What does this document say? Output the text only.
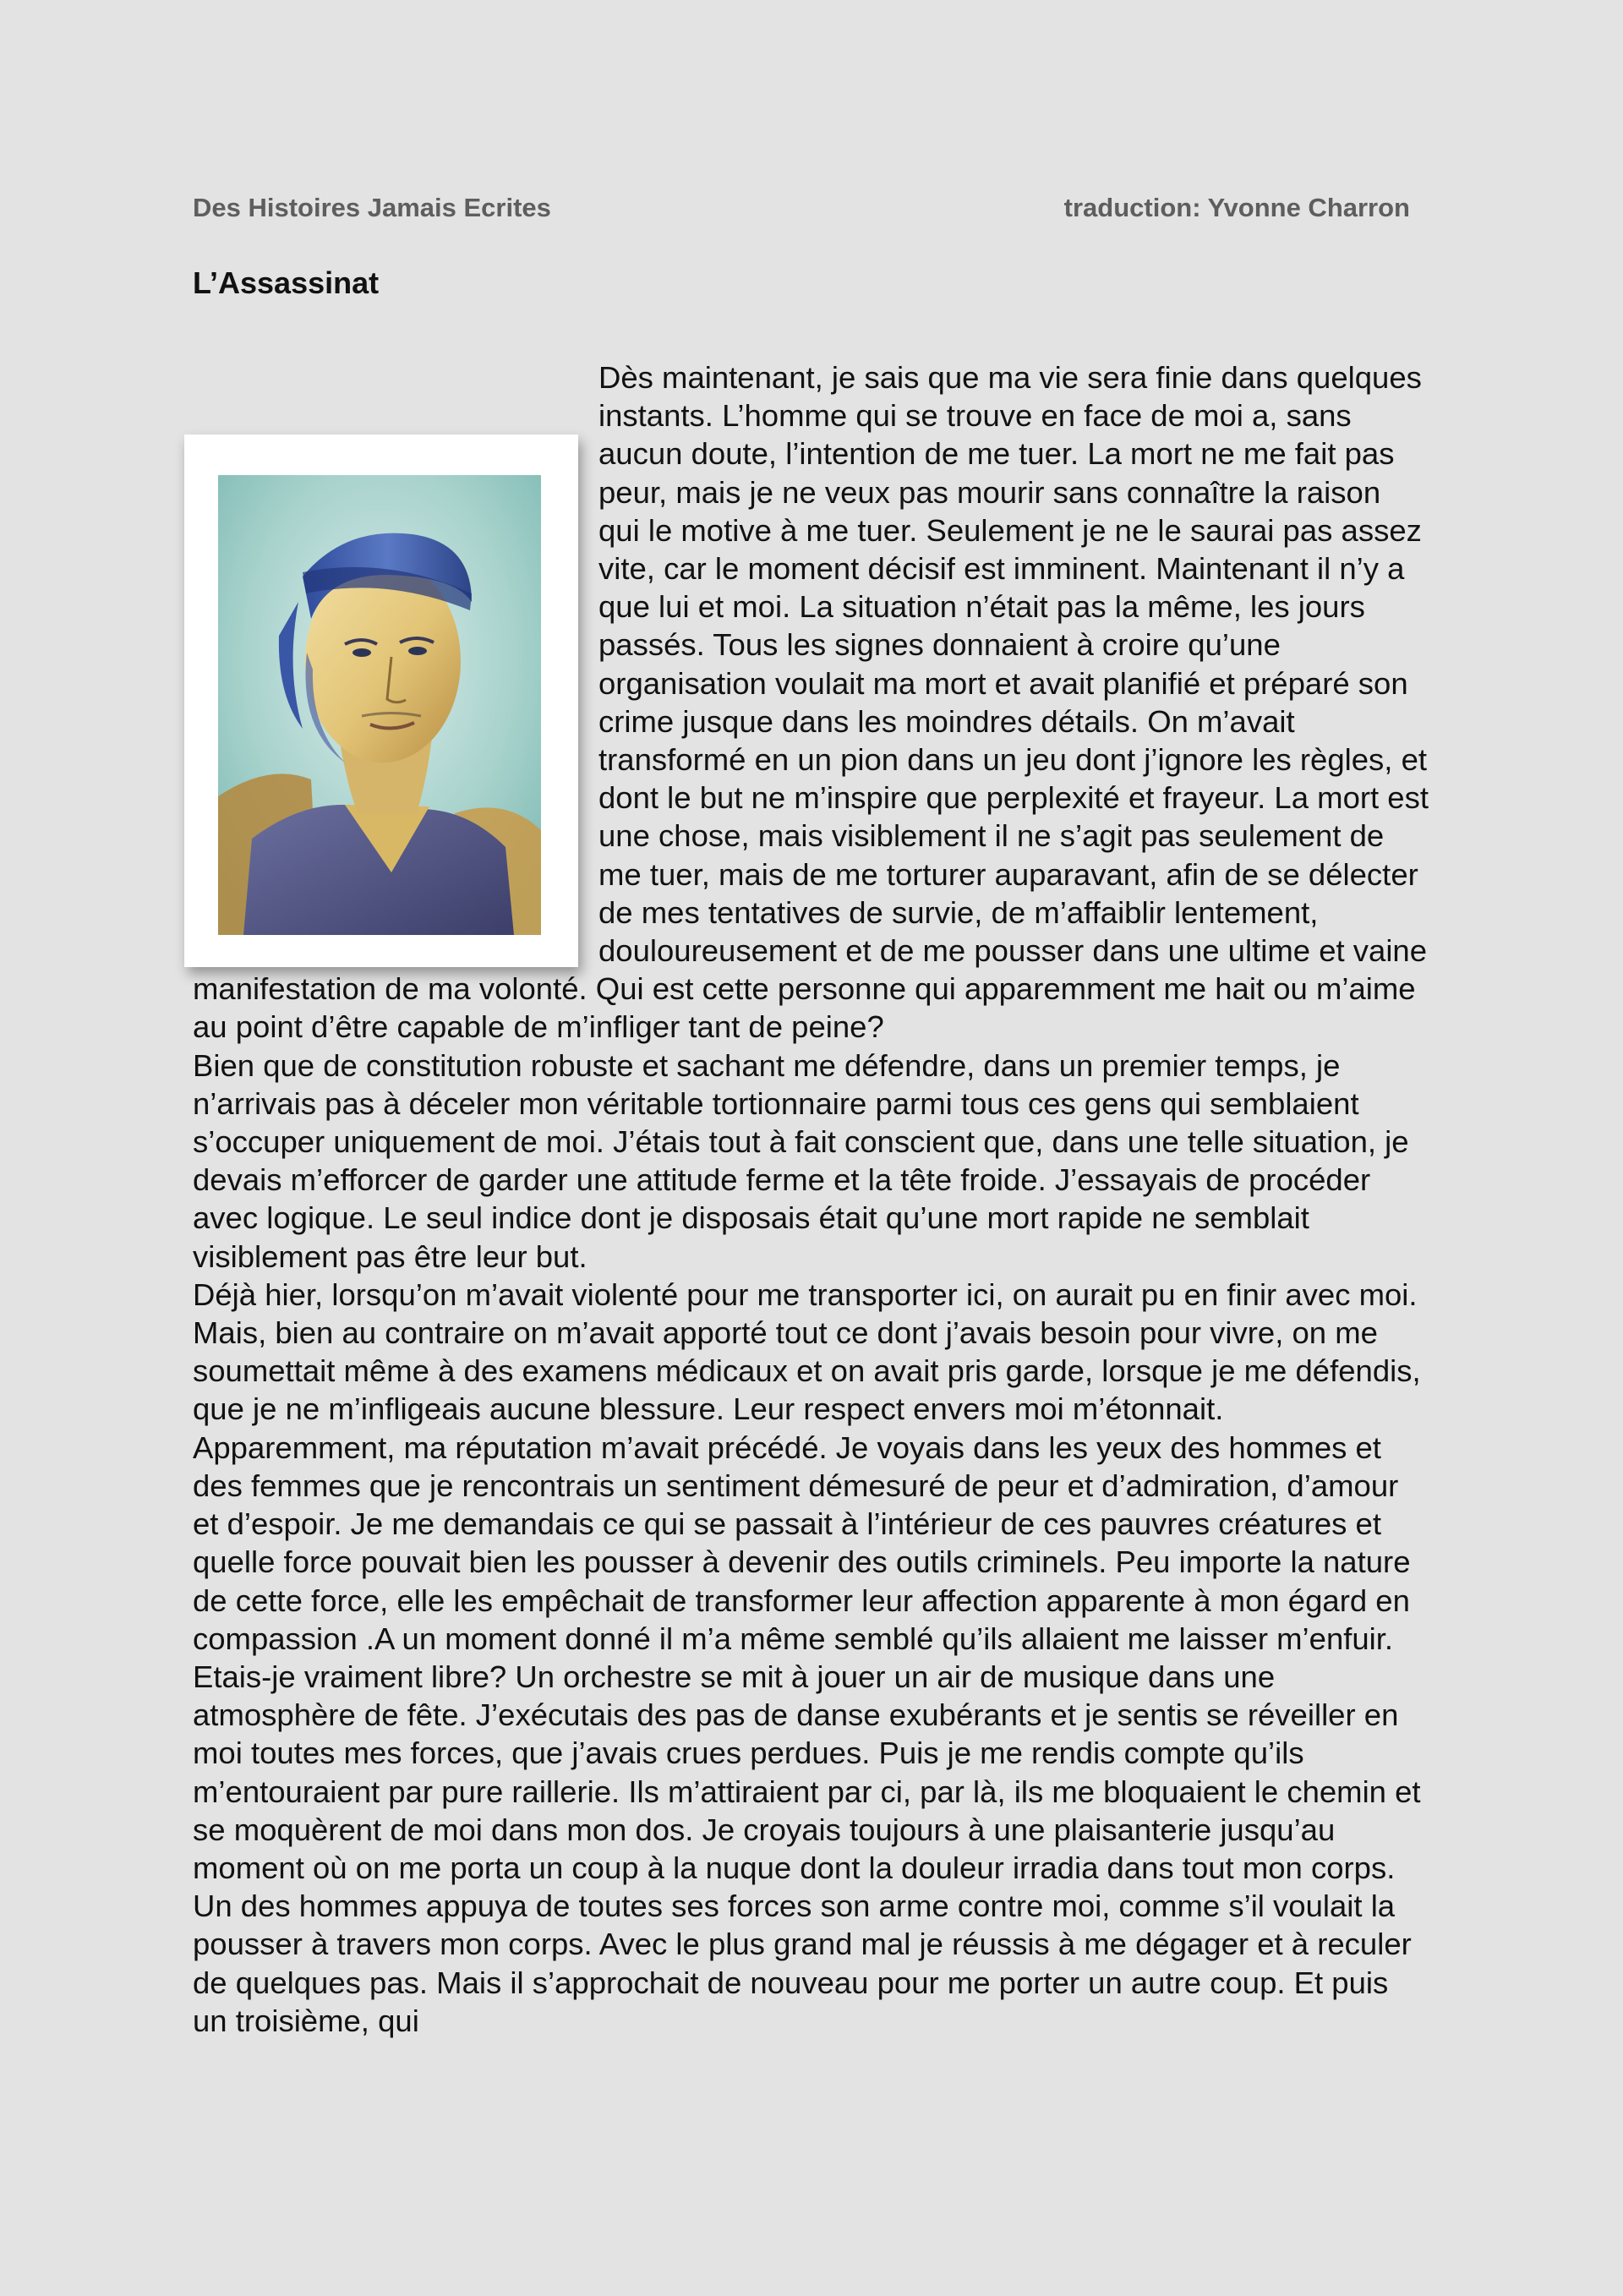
Des Histoires Jamais Ecrites	traduction: Yvonne Charron
L’Assassinat

Dès maintenant, je sais que ma vie sera finie dans quelques instants. L’homme qui se trouve en face de moi a, sans aucun doute, l’intention de me tuer. La mort ne me fait pas peur, mais je ne veux pas mourir sans connaître la raison qui le motive à me tuer. Seulement je ne le saurai pas assez vite, car le moment décisif est imminent. Maintenant il n’y a que lui et moi. La situation n’était pas la même, les jours passés. Tous les signes donnaient à croire qu’une organisation voulait ma mort et avait planifié et préparé son crime jusque dans les moindres détails. On m’avait transformé en un pion dans un jeu dont j’ignore les règles, et dont le but ne m’inspire que perplexité et frayeur. La mort est une chose, mais visiblement il ne s’agit pas seulement de me tuer, mais de me torturer auparavant, afin de se délecter de mes tentatives de survie, de m’affaiblir lentement, douloureusement et de me pousser dans une ultime et vaine manifestation de ma volonté. Qui est cette personne qui apparemment me hait ou m’aime au point d’être capable de m’infliger tant de peine?

Bien que de constitution robuste et sachant me défendre, dans un premier temps, je n’arrivais pas à déceler mon véritable tortionnaire parmi tous ces gens qui semblaient s’occuper uniquement de moi. J’étais tout à fait conscient que, dans une telle situation, je devais m’efforcer de garder une attitude ferme et la tête froide. J’essayais de procéder avec logique. Le seul indice dont je disposais était qu’une mort rapide ne semblait visiblement pas être leur but.

Déjà hier, lorsqu’on m’avait violenté pour me transporter ici, on aurait pu en finir avec moi. Mais, bien au contraire on m’avait apporté tout ce dont j’avais besoin pour vivre, on me soumettait même à des examens médicaux et on avait pris garde, lorsque je me défendis, que je ne m’infligeais aucune blessure. Leur respect envers moi m’étonnait. Apparemment, ma réputation m’avait précédé. Je voyais dans les yeux des hommes et des femmes que je rencontrais un sentiment démesuré de peur et d’admiration, d’amour et d’espoir. Je me demandais ce qui se passait à l’intérieur de ces pauvres créatures et quelle force pouvait bien les pousser à devenir des outils criminels. Peu importe la nature de cette force, elle les empêchait de transformer leur affection apparente à mon égard en compassion .A un moment donné il m’a même semblé qu’ils allaient me laisser m’enfuir.

Etais-je vraiment libre? Un orchestre se mit à jouer un air de musique dans une atmosphère de fête. J’exécutais des pas de danse exubérants et je sentis se réveiller en moi toutes mes forces, que j’avais crues perdues. Puis je me rendis compte qu’ils m’entouraient par pure raillerie. Ils m’attiraient par ci, par là, ils me bloquaient le chemin et se moquèrent de moi dans mon dos. Je croyais toujours à une plaisanterie jusqu’au moment où on me porta un coup à la nuque dont la douleur irradia dans tout mon corps. Un des hommes appuya de toutes ses forces son arme contre moi, comme s’il voulait la pousser à travers mon corps. Avec le plus grand mal je réussis à me dégager et à reculer de quelques pas. Mais il s’approchait de nouveau pour me porter un autre coup. Et puis un troisième, qui
